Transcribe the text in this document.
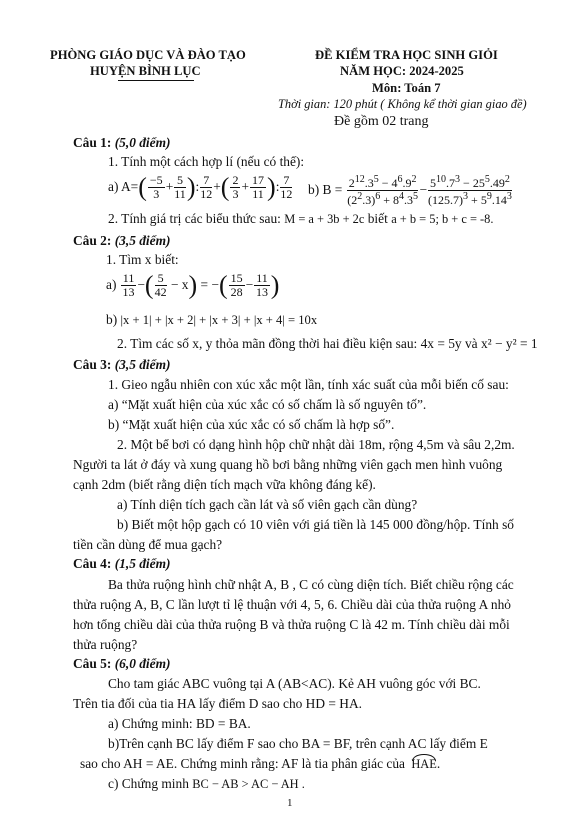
PHÒNG GIÁO DỤC VÀ ĐÀO TẠO
HUYỆN BÌNH LỤC
ĐỀ KIỂM TRA HỌC SINH GIỎI
NĂM HỌC: 2024-2025
Môn: Toán 7
Thời gian: 120 phút ( Không kể thời gian giao đề)
Đề gồm 02 trang
Câu 1: (5,0 điểm)
1. Tính một cách hợp lí (nếu có thể):
a) $A=( \frac{-5}{3} + \frac{5}{11}$ ): $\frac{7}{12}$ +( $\frac{2}{3} + \frac{17}{11}$ ): $\frac{7}{12} b$) $B = \frac{2^{12}.3^5 - 4^6.9^2}{(2^2.3)^6 + 8^4.3^5} - \frac{5^{10}.7^3 - 25^5.49^2}{(125.7)^3 + 5^9.14^3}$
2. Tính giá trị các biểu thức sau: M = a + 3b + 2c biết a + b = 5; b + c = -8.
Câu 2: (3,5 điểm)
1. Tìm x biết:
$a) \frac{11}{13}$ −( $\frac{5}{42} - x$) = −( $\frac{15}{28} - \frac{11}{13}$ )
b) |x + 1| + |x + 2| + |x + 3| + |x + 4| = 10x
2. Tìm các số x, y thỏa mãn đồng thời hai điều kiện sau: 4x = 5y và x² − y² = 1
Câu 3: (3,5 điểm)
1. Gieo ngẫu nhiên con xúc xắc một lần, tính xác suất của mỗi biến cố sau:
a) “Mặt xuất hiện của xúc xắc có số chấm là số nguyên tố”.
b) “Mặt xuất hiện của xúc xắc có số chấm là hợp số”.
2. Một bể bơi có dạng hình hộp chữ nhật dài 18m, rộng 4,5m và sâu 2,2m.
Người ta lát ở đáy và xung quang hồ bơi bằng những viên gạch men hình vuông
cạnh 2dm (biết rằng diện tích mạch vữa không đáng kể).
a) Tính diện tích gạch cần lát và số viên gạch cần dùng?
b) Biết một hộp gạch có 10 viên với giá tiền là 145 000 đồng/hộp. Tính số
tiền cần dùng để mua gạch?
Câu 4: (1,5 điểm)
Ba thửa ruộng hình chữ nhật A, B , C có cùng diện tích. Biết chiều rộng các
thửa ruộng A, B, C lần lượt tỉ lệ thuận với 4, 5, 6. Chiều dài của thửa ruộng A nhỏ
hơn tổng chiều dài của thửa ruộng B và thửa ruộng C là 42 m. Tính chiều dài mỗi
thửa ruộng?
Câu 5: (6,0 điểm)
Cho tam giác ABC vuông tại A (AB<AC). Kẻ AH vuông góc với BC.
Trên tia đối của tia HA lấy điểm D sao cho HD = HA.
a) Chứng minh: BD = BA.
b)Trên cạnh BC lấy điểm F sao cho BA = BF, trên cạnh AC lấy điểm E
sao cho AH = AE. Chứng minh rằng: AF là tia phân giác của HAE.
c) Chứng minh BC − AB > AC − AH .
1
